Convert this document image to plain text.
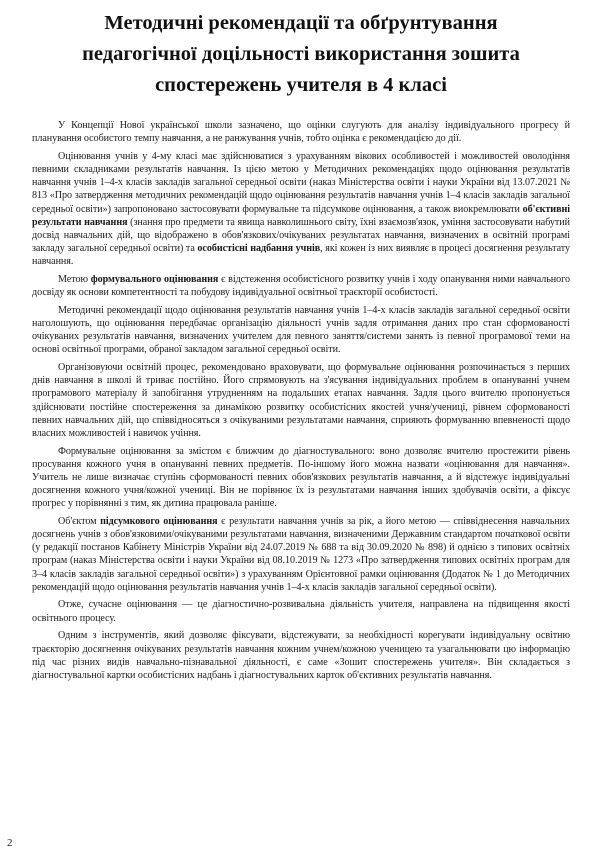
Методичні рекомендації та обґрунтування
педагогічної доцільності використання зошита
спостережень учителя в 4 класі

У Концепції Нової української школи зазначено, що оцінки слугують для аналізу індивідуального прогресу й планування особистого темпу навчання, а не ранжування учнів, тобто оцінка є рекомендацією до дії.

Оцінювання учнів у 4-му класі має здійснюватися з урахуванням вікових особливостей і можливостей оволодіння певними складниками результатів навчання. Із цією метою у Методичних рекомендаціях щодо оцінювання результатів навчання учнів 1–4-х класів закладів загальної середньої освіти (наказ Міністерства освіти і науки України від 13.07.2021 № 813 «Про затвердження методичних рекомендацій щодо оцінювання результатів навчання учнів 1–4 класів закладів загальної середньої освіти») запропоновано застосовувати формувальне та підсумкове оцінювання, а також виокремлювати об'єктивні результати навчання (знання про предмети та явища навколишнього світу, їхні взаємозв'язок, уміння застосовувати набутий досвід навчальних дій, що відображено в обов'язкових/очікуваних результатах навчання, визначених в освітній програмі закладу загальної середньої освіти) та особистісні надбання учнів, які кожен із них виявляє в процесі досягнення результату навчання.

Метою формувального оцінювання є відстеження особистісного розвитку учнів і ходу опанування ними навчального досвіду як основи компетентності та побудову індивідуальної освітньої траєкторії особистості.

Методичні рекомендації щодо оцінювання результатів навчання учнів 1–4-х класів закладів загальної середньої освіти наголошують, що оцінювання передбачає організацію діяльності учнів задля отримання даних про стан сформованості очікуваних результатів навчання, визначених учителем для певного заняття/системи занять із певної програмової теми на основі освітньої програми, обраної закладом загальної середньої освіти.

Організовуючи освітній процес, рекомендовано враховувати, що формувальне оцінювання розпочинається з перших днів навчання в школі й триває постійно. Його спрямовують на з'ясування індивідуальних проблем в опануванні учнем програмового матеріалу й запобігання утрудненням на подальших етапах навчання. Задля цього вчителю пропонується здійснювати постійне спостереження за динамікою розвитку особистісних якостей учня/учениці, рівнем сформованості певних навчальних дій, що співвідносяться з очікуваними результатами навчання, сприяють формуванню впевненості щодо власних можливостей і навичок учіння.

Формувальне оцінювання за змістом є ближчим до діагностувального: воно дозволяє вчителю простежити рівень просування кожного учня в опануванні певних предметів. По-іншому його можна назвати «оцінювання для навчання». Учитель не лише визначає ступінь сформованості певних обов'язкових результатів навчання, а й відстежує індивідуальні досягнення кожного учня/кожної учениці. Він не порівнює їх із результатами навчання інших здобувачів освіти, а фіксує прогрес у порівнянні з тим, як дитина працювала раніше.

Об'єктом підсумкового оцінювання є результати навчання учнів за рік, а його метою — співвіднесення навчальних досягнень учнів з обов'язковими/очікуваними результатами навчання, визначеними Державним стандартом початкової освіти (у редакції постанов Кабінету Міністрів України від 24.07.2019 № 688 та від 30.09.2020 № 898) й однією з типових освітніх програм (наказ Міністерства освіти і науки України від 08.10.2019 № 1273 «Про затвердження типових освітніх програм для 3–4 класів закладів загальної середньої освіти») з урахуванням Орієнтовної рамки оцінювання (Додаток № 1 до Методичних рекомендацій щодо оцінювання результатів навчання учнів 1–4-х класів закладів загальної середньої освіти).

Отже, сучасне оцінювання — це діагностично-розвивальна діяльність учителя, направлена на підвищення якості освітнього процесу.

Одним з інструментів, який дозволяє фіксувати, відстежувати, за необхідності корегувати індивідуальну освітню траєкторію досягнення очікуваних результатів навчання кожним учнем/кожною ученицею та узагальнювати цю інформацію під час різних видів навчально-пізнавальної діяльності, є саме «Зошит спостережень учителя». Він складається з діагностувальної картки особистісних надбань і діагностувальних карток об'єктивних результатів навчання.

2
